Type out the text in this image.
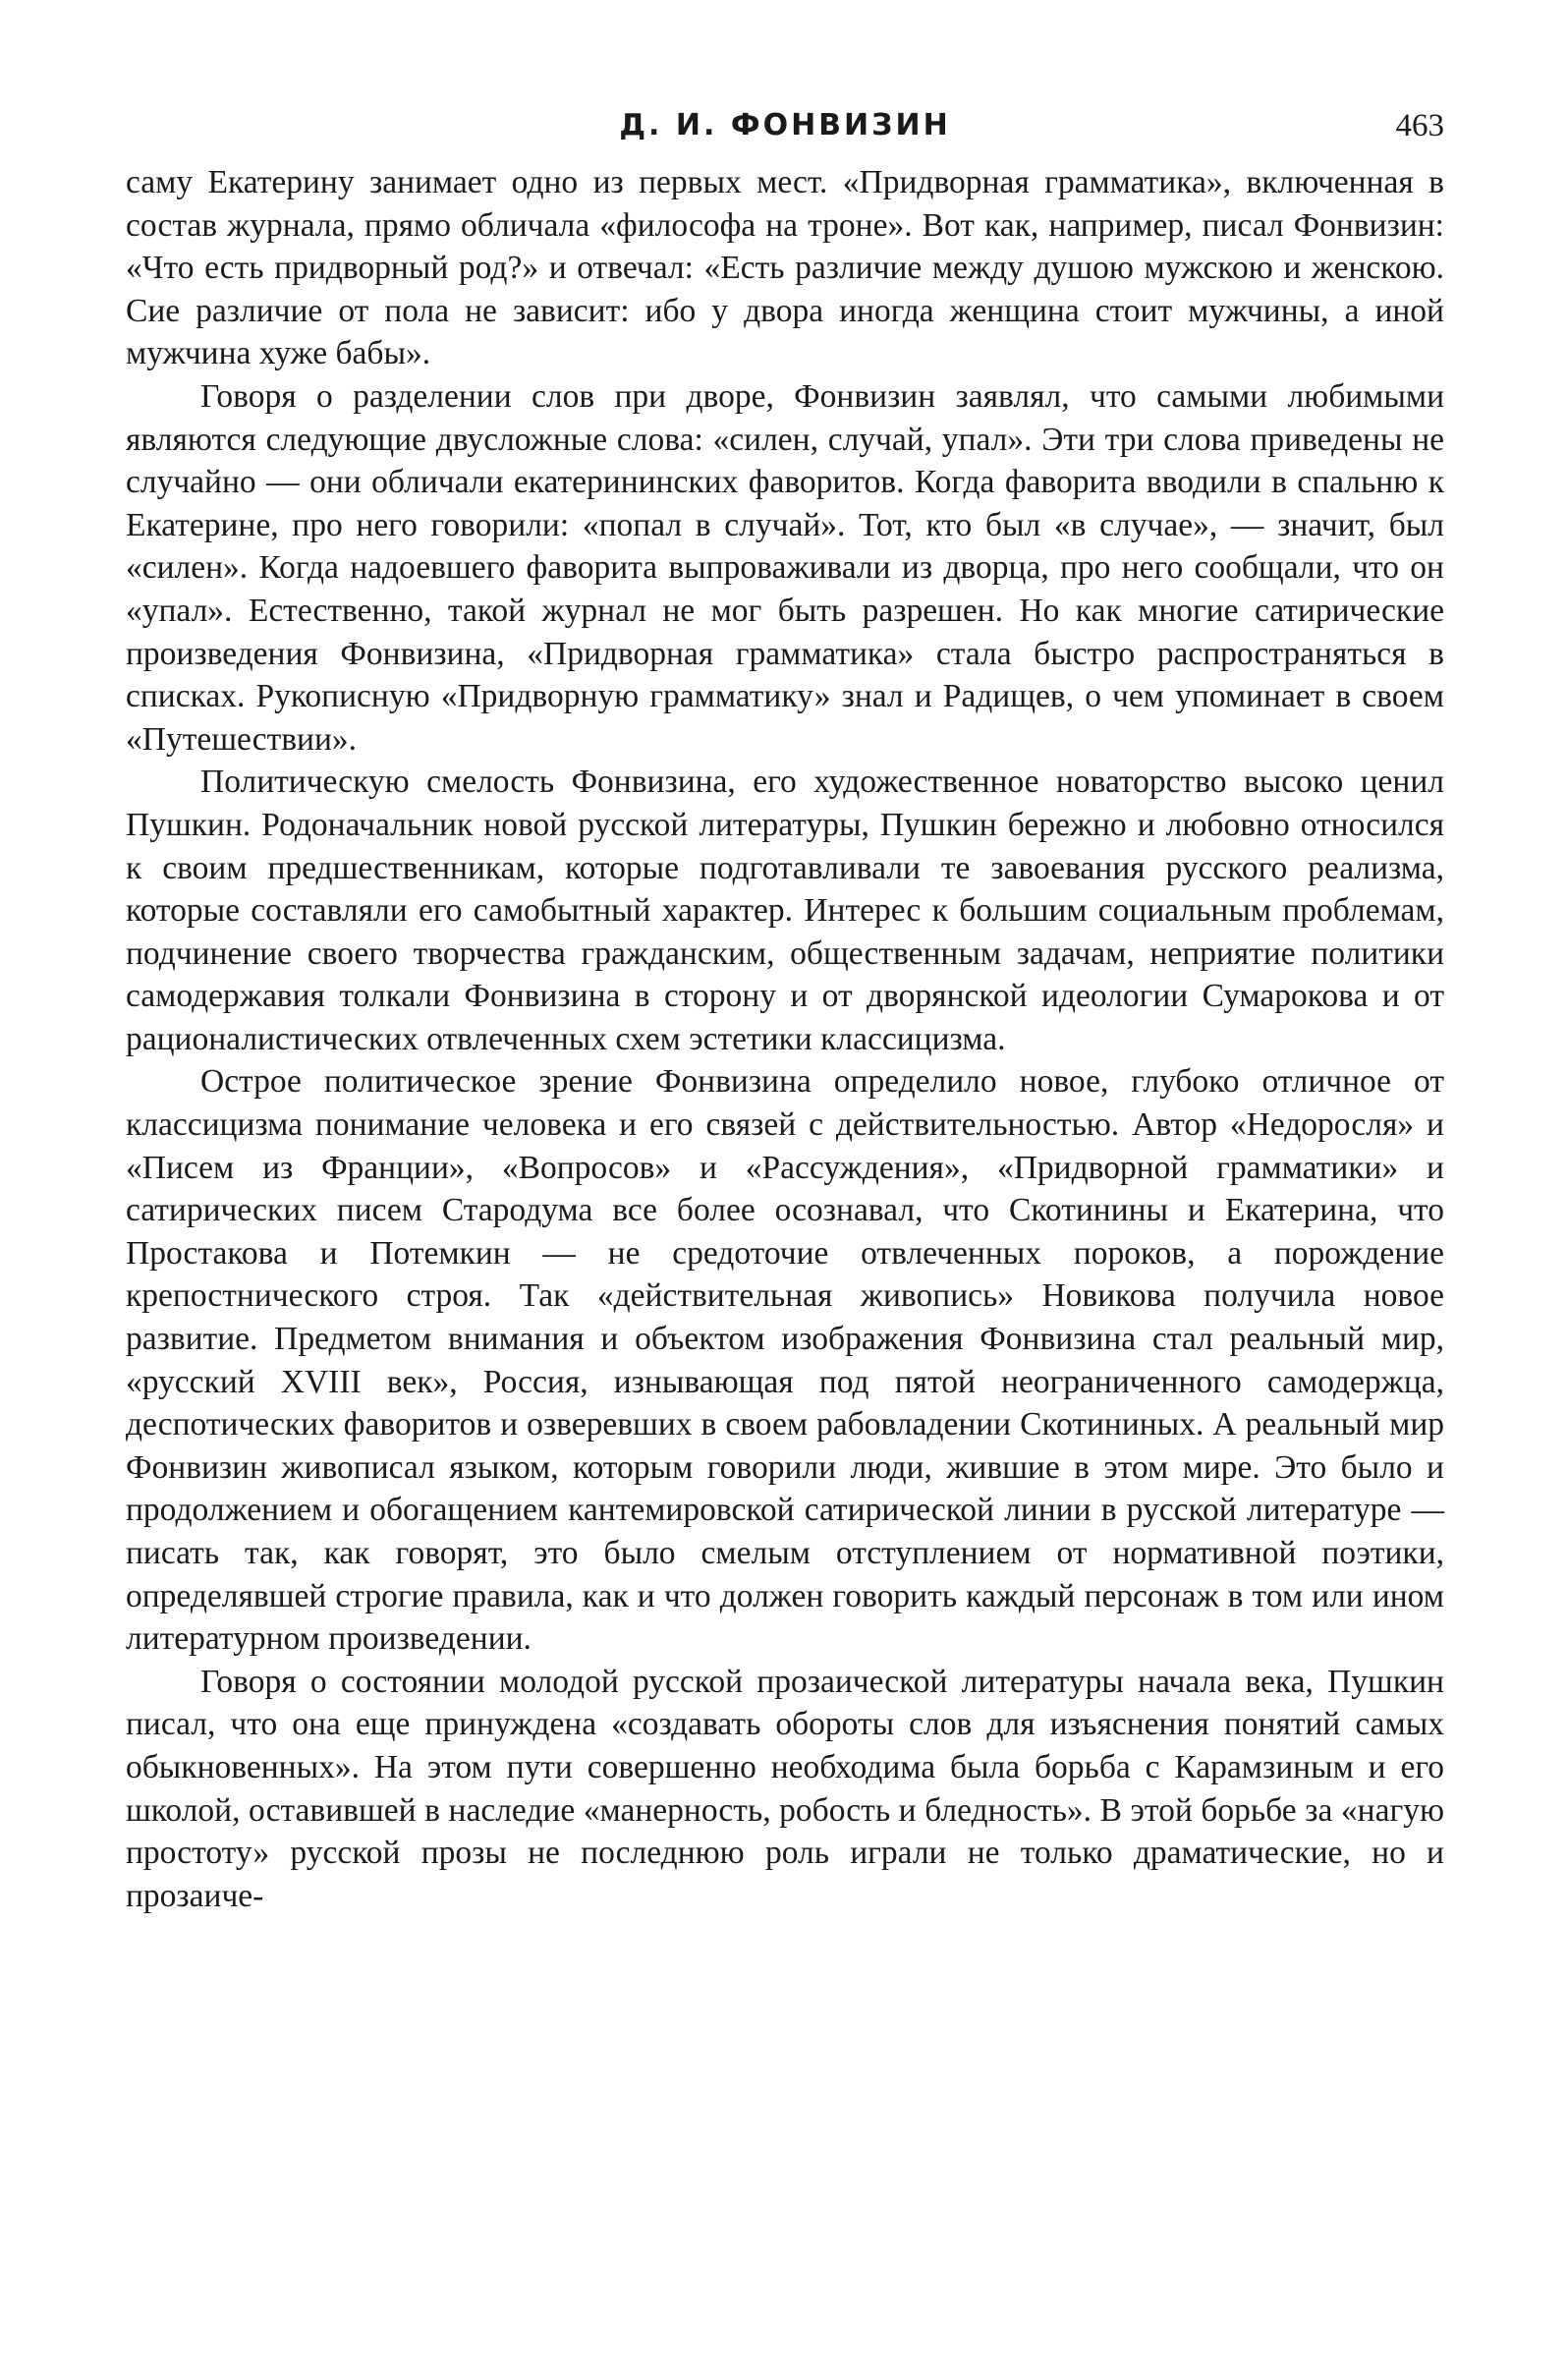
Д. И. ФОНВИЗИН	463

саму Екатерину занимает одно из первых мест. «Придворная грамматика», включенная в состав журнала, прямо обличала «философа на троне». Вот как, например, писал Фонвизин: «Что есть придворный род?» и отвечал: «Есть различие между душою мужскою и женскою. Сие различие от пола не зависит: ибо у двора иногда женщина стоит мужчины, а иной мужчина хуже бабы».

Говоря о разделении слов при дворе, Фонвизин заявлял, что самыми любимыми являются следующие двусложные слова: «силен, случай, упал». Эти три слова приведены не случайно — они обличали екатерининских фаворитов. Когда фаворита вводили в спальню к Екатерине, про него говорили: «попал в случай». Тот, кто был «в случае», — значит, был «силен». Когда надоевшего фаворита выпроваживали из дворца, про него сообщали, что он «упал». Естественно, такой журнал не мог быть разрешен. Но как многие сатирические произведения Фонвизина, «Придворная грамматика» стала быстро распространяться в списках. Рукописную «Придворную грамматику» знал и Радищев, о чем упоминает в своем «Путешествии».

Политическую смелость Фонвизина, его художественное новаторство высоко ценил Пушкин. Родоначальник новой русской литературы, Пушкин бережно и любовно относился к своим предшественникам, которые подготавливали те завоевания русского реализма, которые составляли его самобытный характер. Интерес к большим социальным проблемам, подчинение своего творчества гражданским, общественным задачам, неприятие политики самодержавия толкали Фонвизина в сторону и от дворянской идеологии Сумарокова и от рационалистических отвлеченных схем эстетики классицизма.

Острое политическое зрение Фонвизина определило новое, глубоко отличное от классицизма понимание человека и его связей с действительностью. Автор «Недоросля» и «Писем из Франции», «Вопросов» и «Рассуждения», «Придворной грамматики» и сатирических писем Стародума все более осознавал, что Скотинины и Екатерина, что Простакова и Потемкин — не средоточие отвлеченных пороков, а порождение крепостнического строя. Так «действительная живопись» Новикова получила новое развитие. Предметом внимания и объектом изображения Фонвизина стал реальный мир, «русский XVIII век», Россия, изнывающая под пятой неограниченного самодержца, деспотических фаворитов и озверевших в своем рабовладении Скотининых. А реальный мир Фонвизин живописал языком, которым говорили люди, жившие в этом мире. Это было и продолжением и обогащением кантемировской сатирической линии в русской литературе — писать так, как говорят, это было смелым отступлением от нормативной поэтики, определявшей строгие правила, как и что должен говорить каждый персонаж в том или ином литературном произведении.

Говоря о состоянии молодой русской прозаической литературы начала века, Пушкин писал, что она еще принуждена «создавать обороты слов для изъяснения понятий самых обыкновенных». На этом пути совершенно необходима была борьба с Карамзиным и его школой, оставившей в наследие «манерность, робость и бледность». В этой борьбе за «нагую простоту» русской прозы не последнюю роль играли не только драматические, но и прозаиче-
